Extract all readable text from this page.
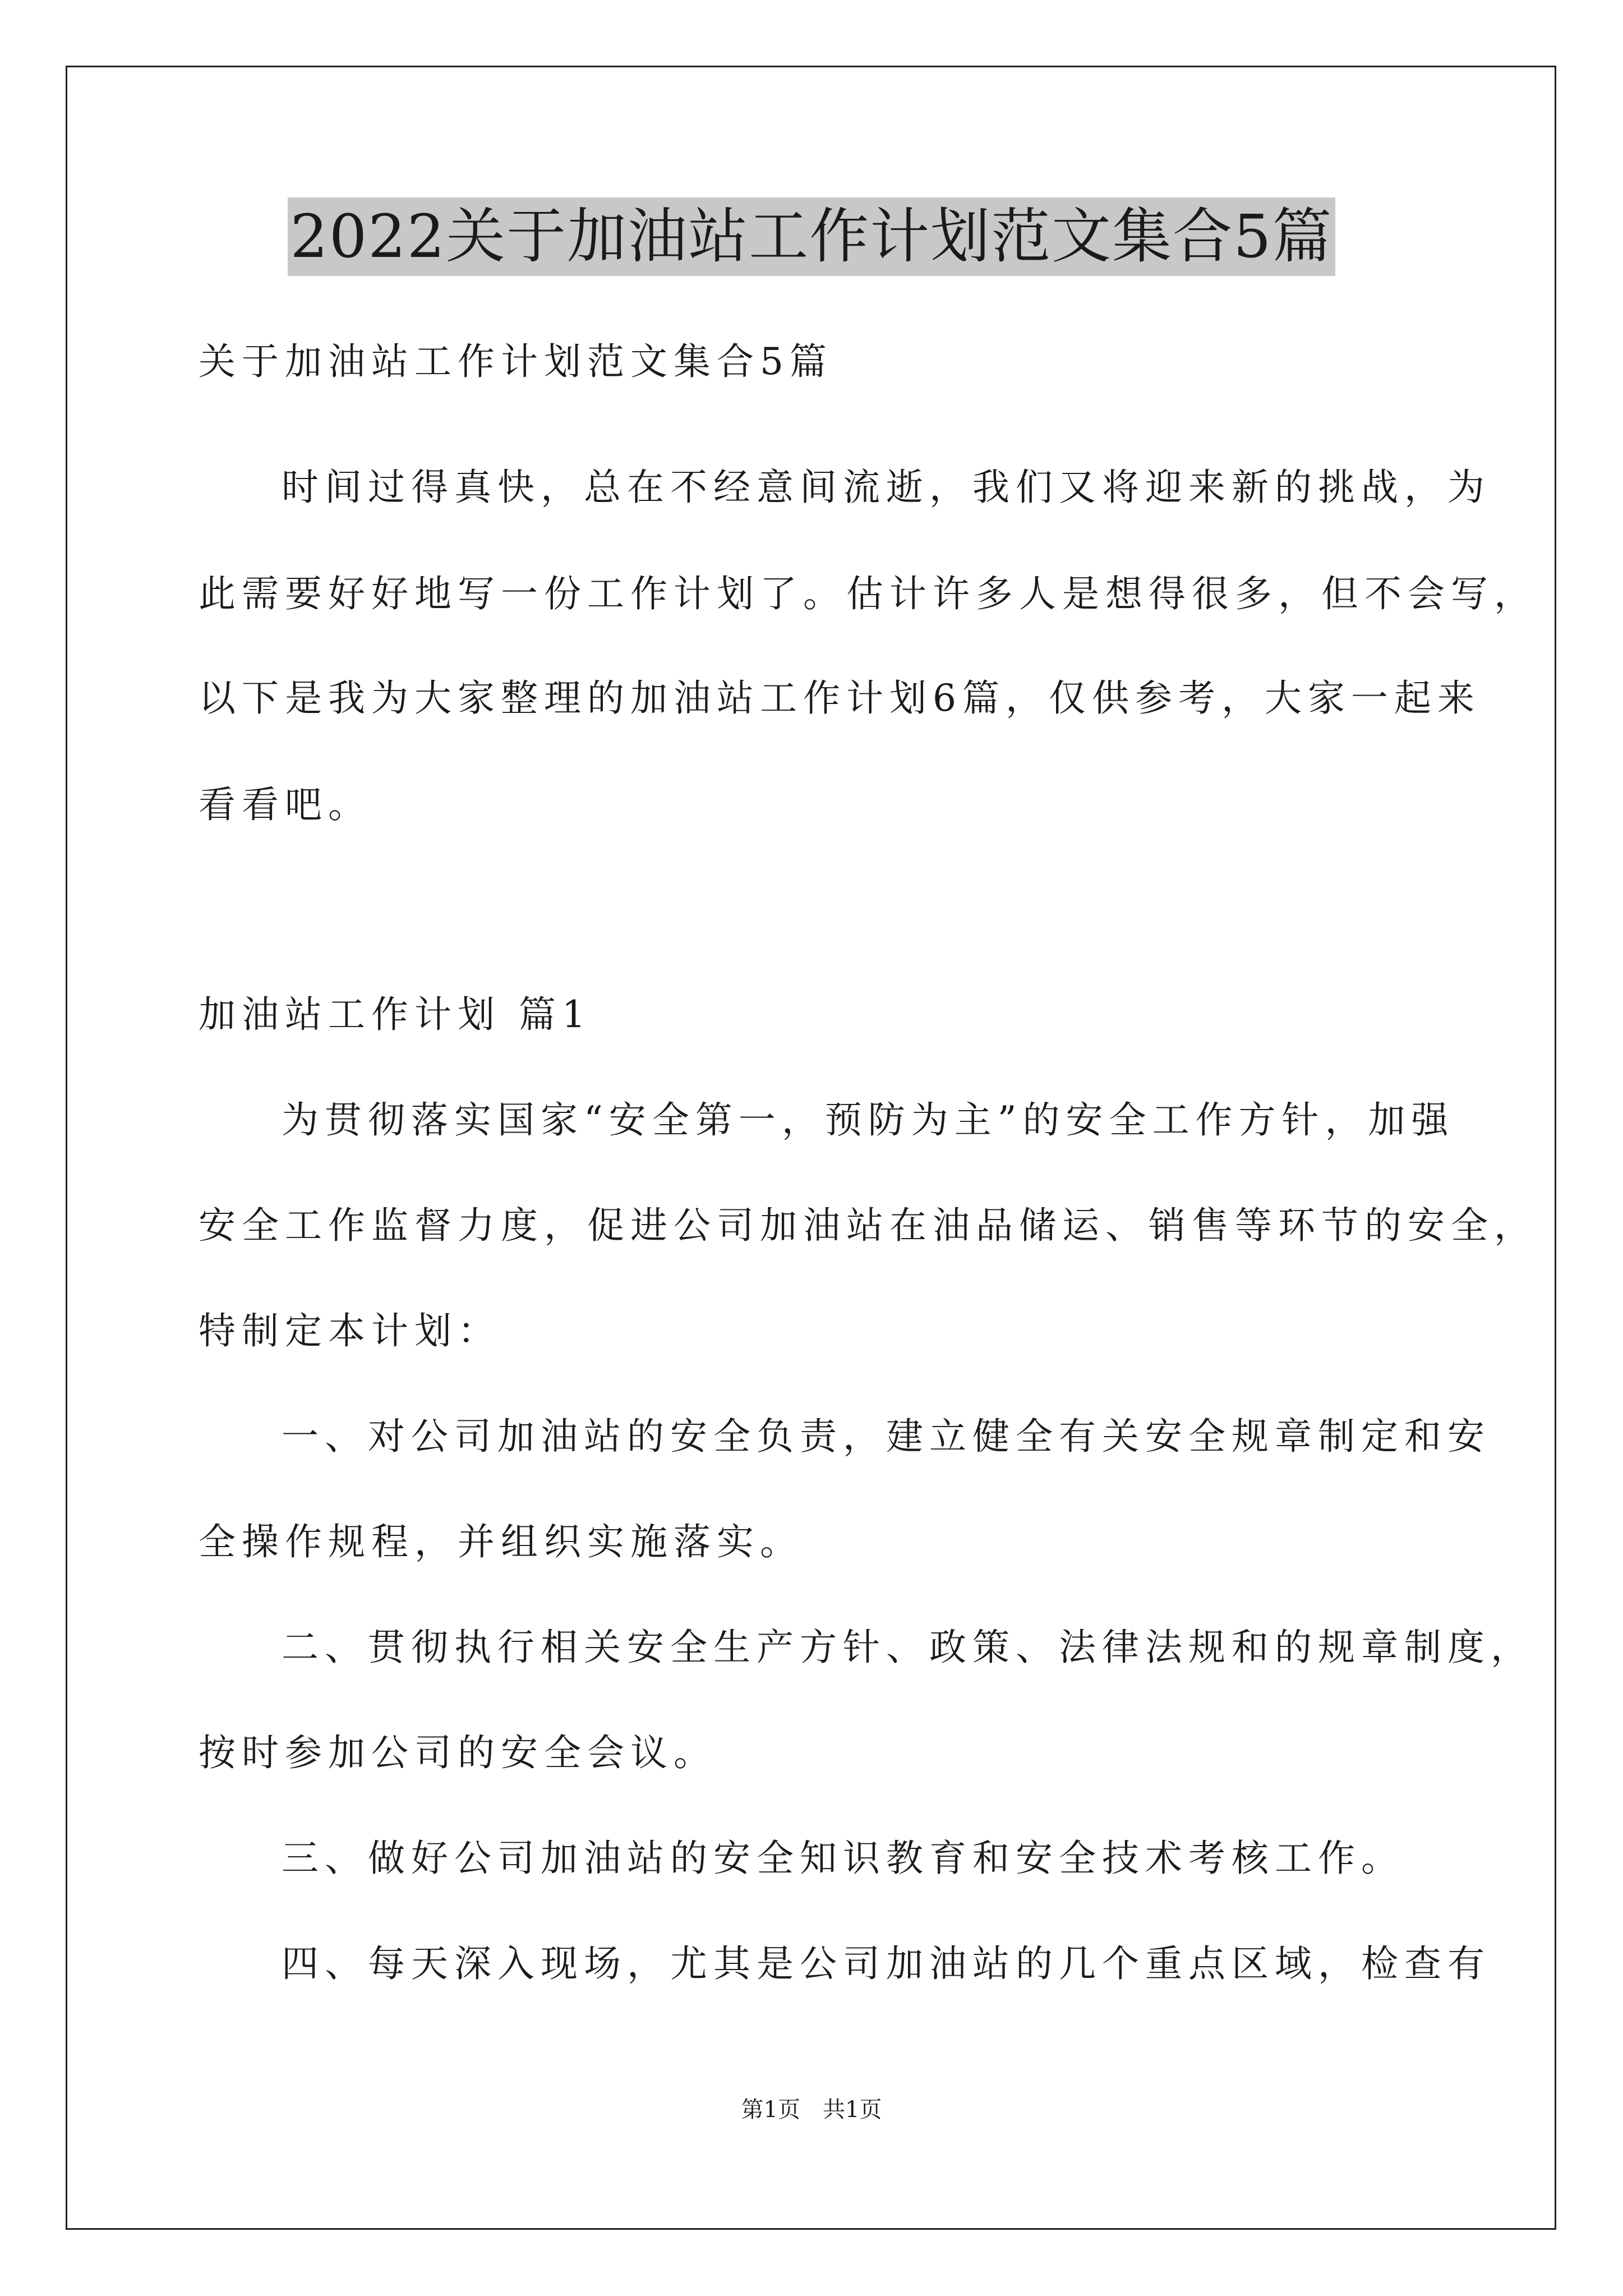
2022关于加油站工作计划范文集合5篇
关于加油站工作计划范文集合5篇
时间过得真快，总在不经意间流逝，我们又将迎来新的挑战，为
此需要好好地写一份工作计划了。估计许多人是想得很多，但不会写，
以下是我为大家整理的加油站工作计划6篇，仅供参考，大家一起来
看看吧。
加油站工作计划 篇1
为贯彻落实国家“安全第一，预防为主”的安全工作方针，加强
安全工作监督力度，促进公司加油站在油品储运、销售等环节的安全，
特制定本计划：
一、对公司加油站的安全负责，建立健全有关安全规章制定和安
全操作规程，并组织实施落实。
二、贯彻执行相关安全生产方针、政策、法律法规和的规章制度，
按时参加公司的安全会议。
三、做好公司加油站的安全知识教育和安全技术考核工作。
四、每天深入现场，尤其是公司加油站的几个重点区域，检查有
第1页　共1页
